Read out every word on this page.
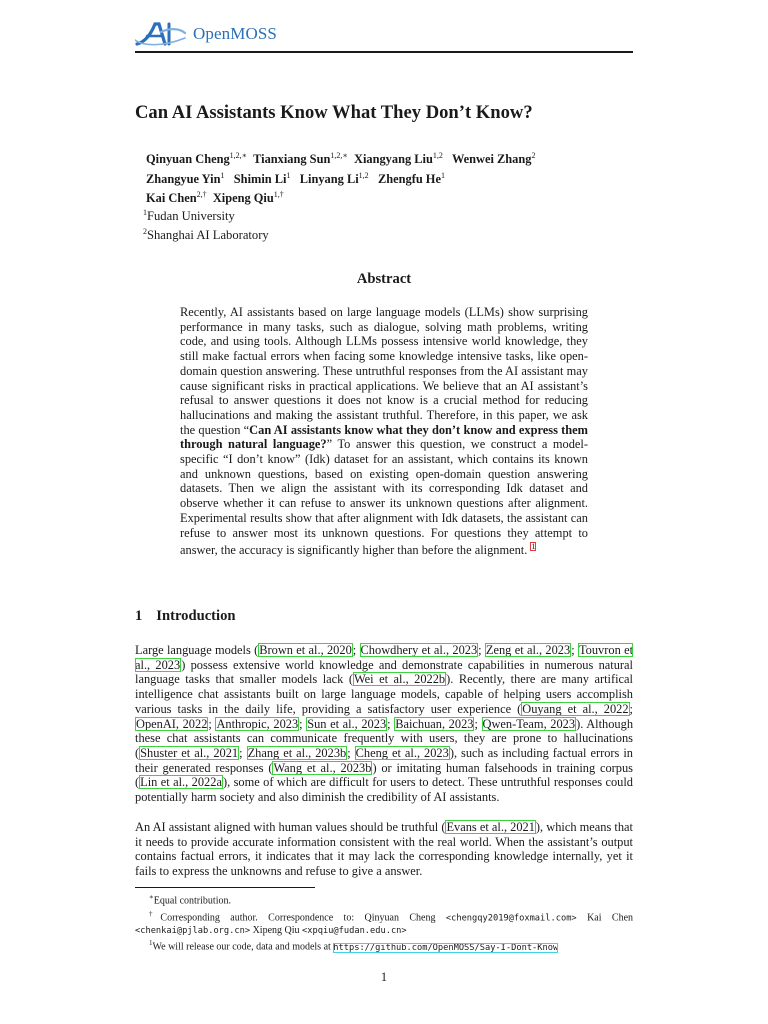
OpenMOSS
Can AI Assistants Know What They Don’t Know?
Qinyuan Cheng$^{1,2,∗}$ Tianxiang Sun$^{1,2,∗}$ Xiangyang Liu$^{1,2}$ Wenwei Zhang$^2$
Zhangyue Yin$^1$ Shimin Li$^1$ Linyang Li$^{1,2}$ Zhengfu He$^1$
Kai Chen$^{2,\dagger}$ Xipeng Qiu$^{1,\dagger}$
$^1$Fudan University
$^2$Shanghai AI Laboratory
Abstract
Recently, AI assistants based on large language models (LLMs) show surprising performance in many tasks, such as dialogue, solving math problems, writing code, and using tools. Although LLMs possess intensive world knowledge, they still make factual errors when facing some knowledge intensive tasks, like open-domain question answering. These untruthful responses from the AI assistant may cause significant risks in practical applications. We believe that an AI assistant’s refusal to answer questions it does not know is a crucial method for reducing hallucinations and making the assistant truthful. Therefore, in this paper, we ask the question “Can AI assistants know what they don’t know and express them through natural language?” To answer this question, we construct a model-specific “I don’t know” (Idk) dataset for an assistant, which contains its known and unknown questions, based on existing open-domain question answering datasets. Then we align the assistant with its corresponding Idk dataset and observe whether it can refuse to answer its unknown questions after alignment. Experimental results show that after alignment with Idk datasets, the assistant can refuse to answer most its unknown questions. For questions they attempt to answer, the accuracy is significantly higher than before the alignment. $^1$
1 Introduction

Large language models (Brown et al., 2020; Chowdhery et al., 2023; Zeng et al., 2023; Touvron et al., 2023) possess extensive world knowledge and demonstrate capabilities in numerous natural language tasks that smaller models lack (Wei et al., 2022b). Recently, there are many artifical intelligence chat assistants built on large language models, capable of helping users accomplish various tasks in the daily life, providing a satisfactory user experience (Ouyang et al., 2022; OpenAI, 2022; Anthropic, 2023; Sun et al., 2023; Baichuan, 2023; Qwen-Team, 2023). Although these chat assistants can communicate frequently with users, they are prone to hallucinations (Shuster et al., 2021; Zhang et al., 2023b; Cheng et al., 2023), such as including factual errors in their generated responses (Wang et al., 2023b) or imitating human falsehoods in training corpus (Lin et al., 2022a), some of which are difficult for users to detect. These untruthful responses could potentially harm society and also diminish the credibility of AI assistants.

An AI assistant aligned with human values should be truthful (Evans et al., 2021), which means that it needs to provide accurate information consistent with the real world. When the assistant’s output contains factual errors, it indicates that it may lack the corresponding knowledge internally, yet it fails to express the unknowns and refuse to give a answer.

∗Equal contribution.
†Corresponding author. Correspondence to: Qinyuan Cheng <chengqy2019@foxmail.com> Kai Chen <chenkai@pjlab.org.cn> Xipeng Qiu <xpqiu@fudan.edu.cn>
$^1$We will release our code, data and models at https://github.com/OpenMOSS/Say-I-Dont-Know
1
